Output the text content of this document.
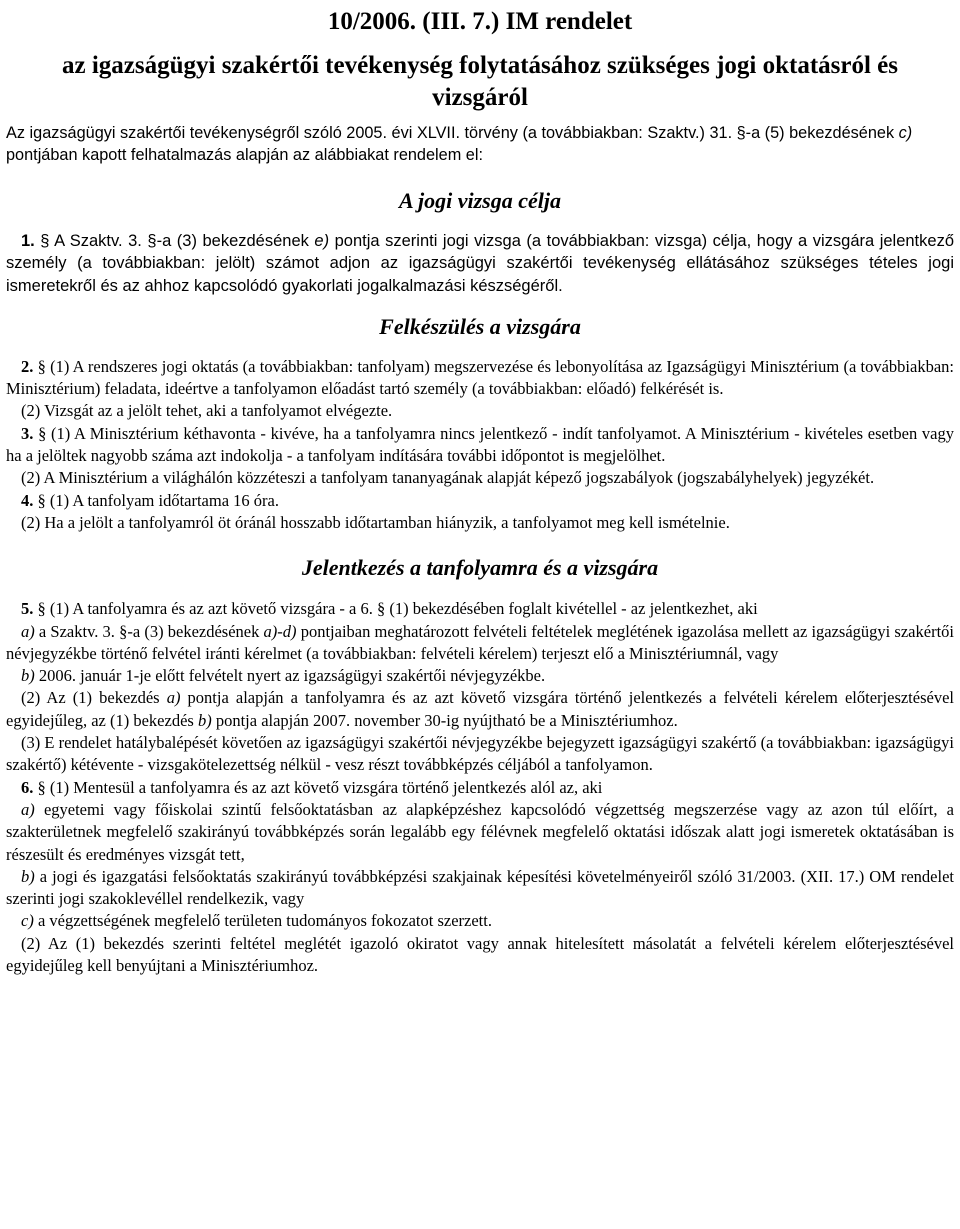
10/2006. (III. 7.) IM rendelet
az igazságügyi szakértői tevékenység folytatásához szükséges jogi oktatásról és
vizsgáról

Az igazságügyi szakértői tevékenységről szóló 2005. évi XLVII. törvény (a továbbiakban: Szaktv.) 31. §-a (5) bekezdésének c) pontjában kapott felhatalmazás alapján az alábbiakat rendelem el:

A jogi vizsga célja

1. § A Szaktv. 3. §-a (3) bekezdésének e) pontja szerinti jogi vizsga (a továbbiakban: vizsga) célja, hogy a vizsgára jelentkező személy (a továbbiakban: jelölt) számot adjon az igazságügyi szakértői tevékenység ellátásához szükséges tételes jogi ismeretekről és az ahhoz kapcsolódó gyakorlati jogalkalmazási készségéről.

Felkészülés a vizsgára

2. § (1) A rendszeres jogi oktatás (a továbbiakban: tanfolyam) megszervezése és lebonyolítása az Igazságügyi Minisztérium (a továbbiakban: Minisztérium) feladata, ideértve a tanfolyamon előadást tartó személy (a továbbiakban: előadó) felkérését is.

(2) Vizsgát az a jelölt tehet, aki a tanfolyamot elvégezte.

3. § (1) A Minisztérium kéthavonta - kivéve, ha a tanfolyamra nincs jelentkező - indít tanfolyamot. A Minisztérium - kivételes esetben vagy ha a jelöltek nagyobb száma azt indokolja - a tanfolyam indítására további időpontot is megjelölhet.

(2) A Minisztérium a világhálón közzéteszi a tanfolyam tananyagának alapját képező jogszabályok (jogszabályhelyek) jegyzékét.

4. § (1) A tanfolyam időtartama 16 óra.

(2) Ha a jelölt a tanfolyamról öt óránál hosszabb időtartamban hiányzik, a tanfolyamot meg kell ismételnie.

Jelentkezés a tanfolyamra és a vizsgára

5. § (1) A tanfolyamra és az azt követő vizsgára - a 6. § (1) bekezdésében foglalt kivétellel - az jelentkezhet, aki

a) a Szaktv. 3. §-a (3) bekezdésének a)-d) pontjaiban meghatározott felvételi feltételek meglétének igazolása mellett az igazságügyi szakértői névjegyzékbe történő felvétel iránti kérelmet (a továbbiakban: felvételi kérelem) terjeszt elő a Minisztériumnál, vagy

b) 2006. január 1-je előtt felvételt nyert az igazságügyi szakértői névjegyzékbe.

(2) Az (1) bekezdés a) pontja alapján a tanfolyamra és az azt követő vizsgára történő jelentkezés a felvételi kérelem előterjesztésével egyidejűleg, az (1) bekezdés b) pontja alapján 2007. november 30-ig nyújtható be a Minisztériumhoz.

(3) E rendelet hatálybalépését követően az igazságügyi szakértői névjegyzékbe bejegyzett igazságügyi szakértő (a továbbiakban: igazságügyi szakértő) kétévente - vizsgakötelezettség nélkül - vesz részt továbbképzés céljából a tanfolyamon.

6. § (1) Mentesül a tanfolyamra és az azt követő vizsgára történő jelentkezés alól az, aki

a) egyetemi vagy főiskolai szintű felsőoktatásban az alapképzéshez kapcsolódó végzettség megszerzése vagy az azon túl előírt, a szakterületnek megfelelő szakirányú továbbképzés során legalább egy félévnek megfelelő oktatási időszak alatt jogi ismeretek oktatásában is részesült és eredményes vizsgát tett,

b) a jogi és igazgatási felsőoktatás szakirányú továbbképzési szakjainak képesítési követelményeiről szóló 31/2003. (XII. 17.) OM rendelet szerinti jogi szakoklevéllel rendelkezik, vagy

c) a végzettségének megfelelő területen tudományos fokozatot szerzett.

(2) Az (1) bekezdés szerinti feltétel meglétét igazoló okiratot vagy annak hitelesített másolatát a felvételi kérelem előterjesztésével egyidejűleg kell benyújtani a Minisztériumhoz.
